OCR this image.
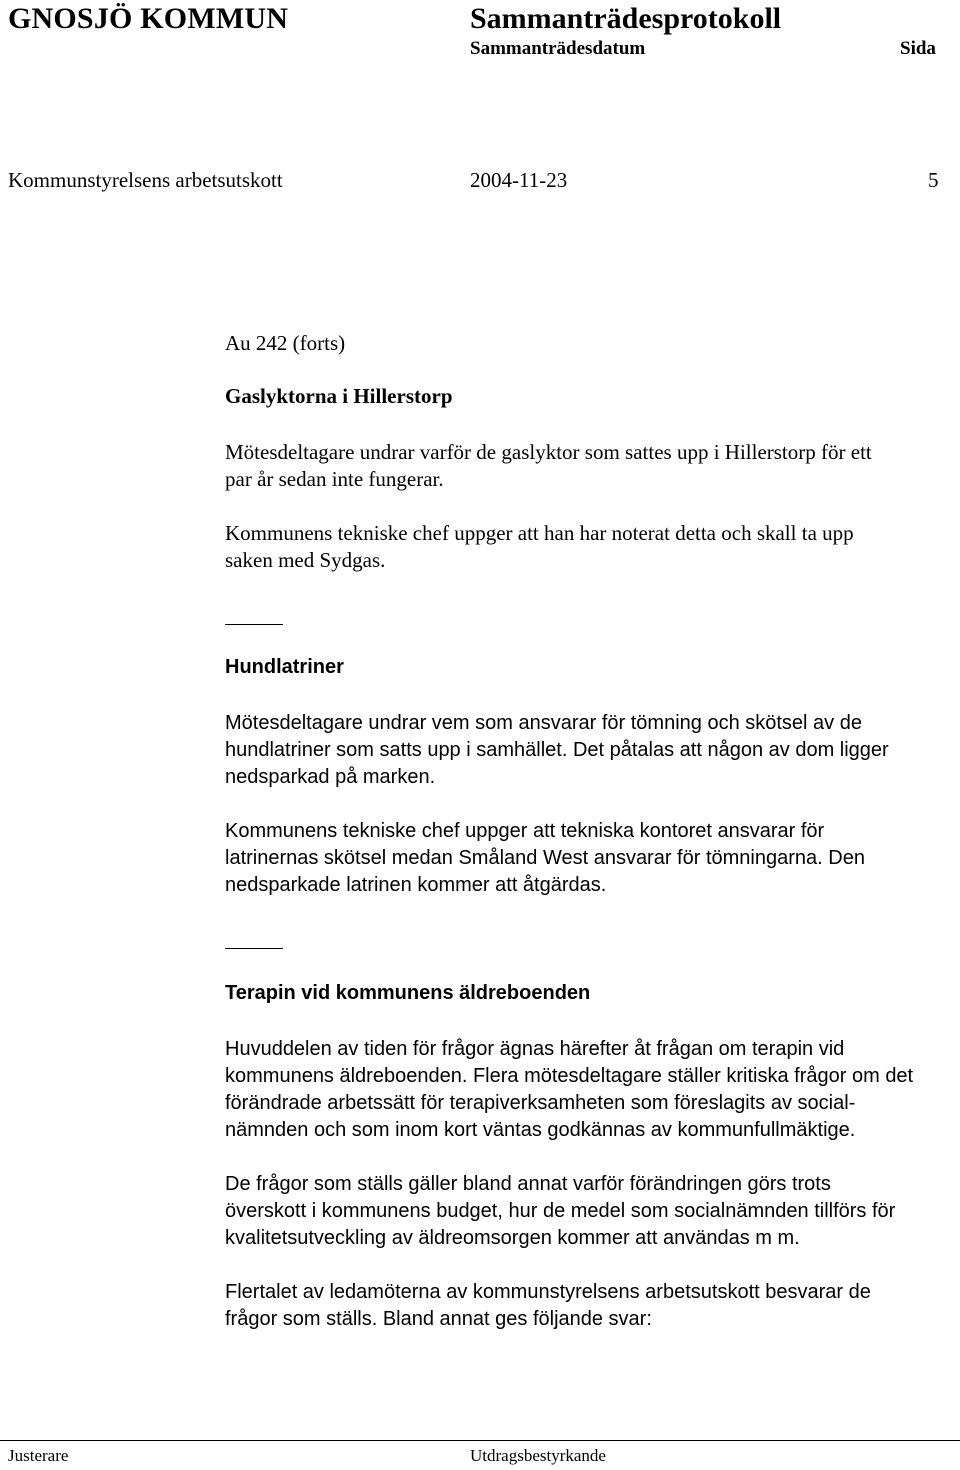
GNOSJÖ KOMMUN	Sammanträdesprotokoll
Sammanträdesdatum	Sida
Kommunstyrelsens arbetsutskott	2004-11-23	5
Au 242 (forts)
Gaslyktorna i Hillerstorp
Mötesdeltagare undrar varför de gaslyktor som sattes upp i Hillerstorp för ett
par år sedan inte fungerar.
Kommunens tekniske chef uppger att han har noterat detta och skall ta upp
saken med Sydgas.
Hundlatriner
Mötesdeltagare undrar vem som ansvarar för tömning och skötsel av de
hundlatriner som satts upp i samhället. Det påtalas att någon av dom ligger
nedsparkad på marken.
Kommunens tekniske chef uppger att tekniska kontoret ansvarar för
latrinernas skötsel medan Småland West ansvarar för tömningarna. Den
nedsparkade latrinen kommer att åtgärdas.
Terapin vid kommunens äldreboenden
Huvuddelen av tiden för frågor ägnas härefter åt frågan om terapin vid
kommunens äldreboenden. Flera mötesdeltagare ställer kritiska frågor om det
förändrade arbetssätt för terapiverksamheten som föreslagits av social-
nämnden och som inom kort väntas godkännas av kommunfullmäktige.
De frågor som ställs gäller bland annat varför förändringen görs trots
överskott i kommunens budget, hur de medel som socialnämnden tillförs för
kvalitetsutveckling av äldreomsorgen kommer att användas m m.
Flertalet av ledamöterna av kommunstyrelsens arbetsutskott besvarar de
frågor som ställs. Bland annat ges följande svar:
Justerare	Utdragsbestyrkande
